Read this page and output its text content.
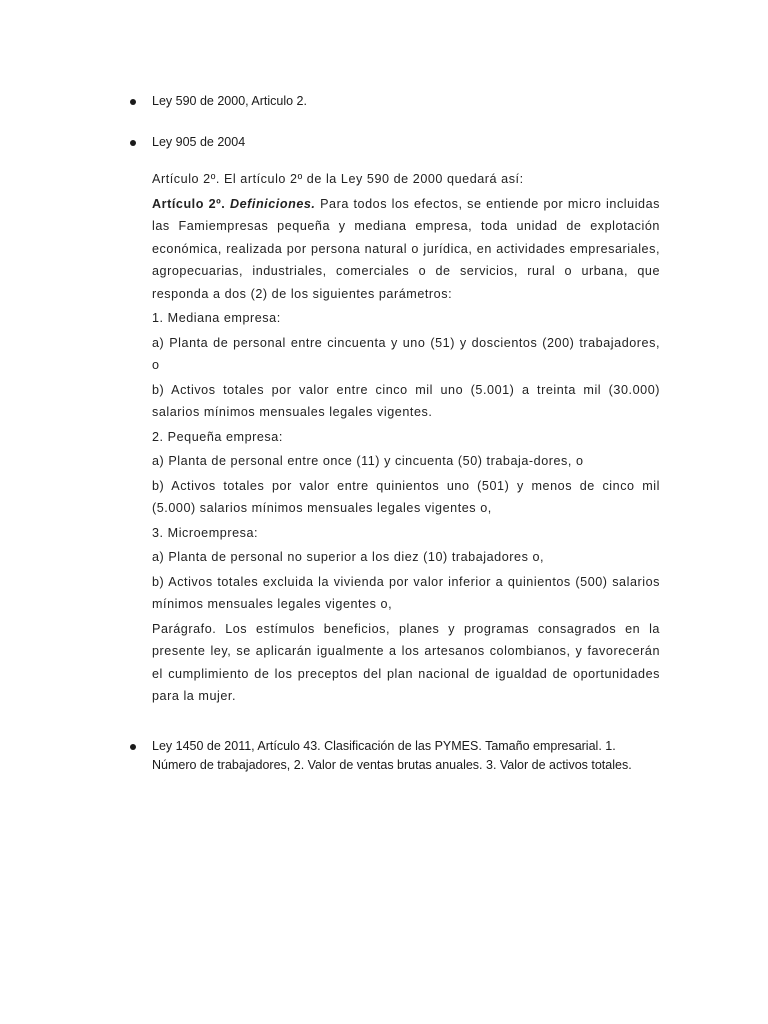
Ley 590 de 2000, Articulo 2.
Ley 905 de 2004

Artículo 2º. El artículo 2º de la Ley 590 de 2000 quedará así:

Artículo 2º. Definiciones. Para todos los efectos, se entiende por micro incluidas las Famiempresas pequeña y mediana empresa, toda unidad de explotación económica, realizada por persona natural o jurídica, en actividades empresariales, agropecuarias, industriales, comerciales o de servicios, rural o urbana, que responda a dos (2) de los siguientes parámetros:

1. Mediana empresa:

a) Planta de personal entre cincuenta y uno (51) y doscientos (200) trabajadores, o

b) Activos totales por valor entre cinco mil uno (5.001) a treinta mil (30.000) salarios mínimos mensuales legales vigentes.

2. Pequeña empresa:

a) Planta de personal entre once (11) y cincuenta (50) trabaja-dores, o

b) Activos totales por valor entre quinientos uno (501) y menos de cinco mil (5.000) salarios mínimos mensuales legales vigentes o,

3. Microempresa:

a) Planta de personal no superior a los diez (10) trabajadores o,

b) Activos totales excluida la vivienda por valor inferior a quinientos (500) salarios mínimos mensuales legales vigentes o,

Parágrafo. Los estímulos beneficios, planes y programas consagrados en la presente ley, se aplicarán igualmente a los artesanos colombianos, y favorecerán el cumplimiento de los preceptos del plan nacional de igualdad de oportunidades para la mujer.

Ley 1450 de 2011, Artículo 43. Clasificación de las PYMES. Tamaño empresarial. 1. Número de trabajadores, 2. Valor de ventas brutas anuales. 3. Valor de activos totales.
